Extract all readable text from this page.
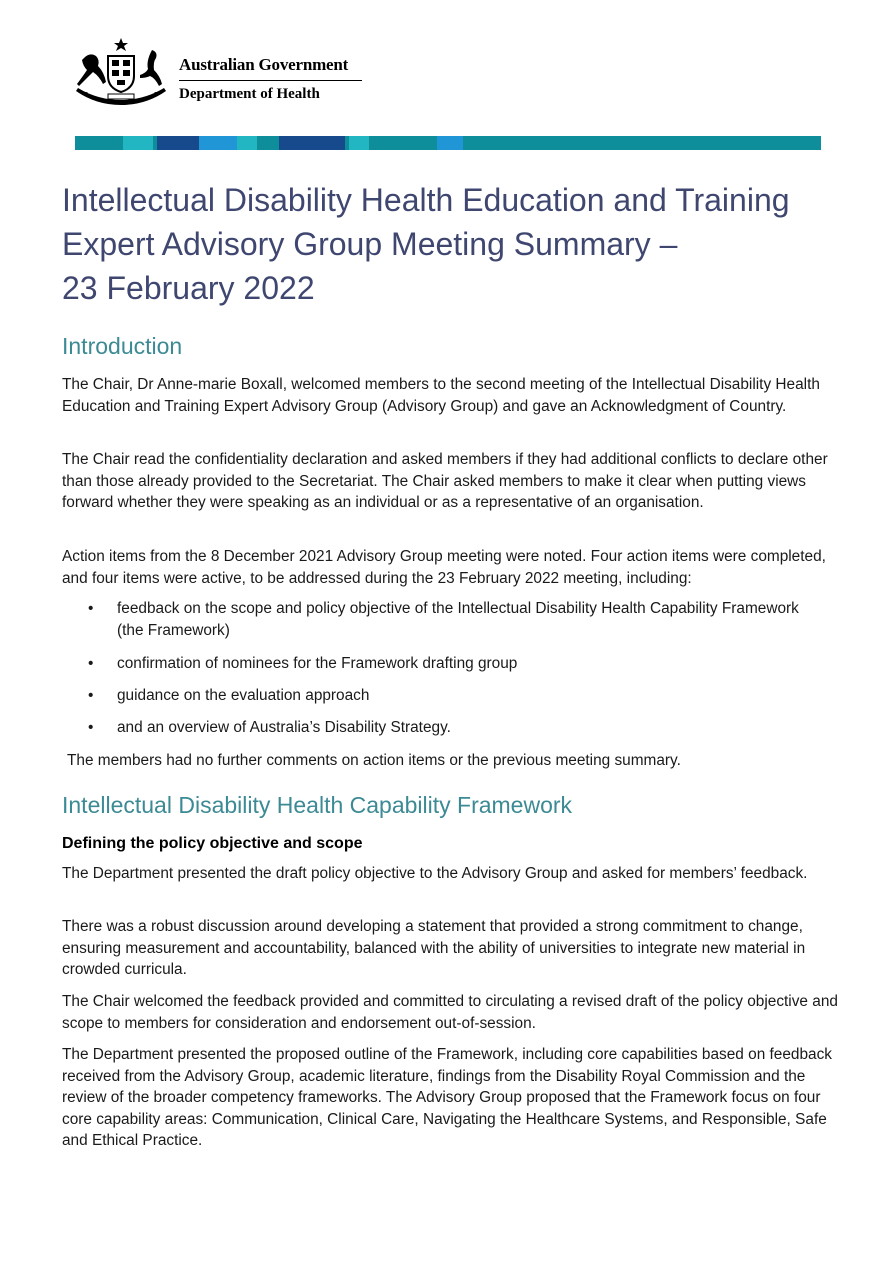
Australian Government
Department of Health
Intellectual Disability Health Education and Training
Expert Advisory Group Meeting Summary –
23 February 2022
Introduction

The Chair, Dr Anne-marie Boxall, welcomed members to the second meeting of the Intellectual Disability Health Education and Training Expert Advisory Group (Advisory Group) and gave an Acknowledgment of Country.

The Chair read the confidentiality declaration and asked members if they had additional conflicts to declare other than those already provided to the Secretariat. The Chair asked members to make it clear when putting views forward whether they were speaking as an individual or as a representative of an organisation.

Action items from the 8 December 2021 Advisory Group meeting were noted. Four action items were completed, and four items were active, to be addressed during the 23 February 2022 meeting, including:

• feedback on the scope and policy objective of the Intellectual Disability Health Capability Framework (the Framework)
• confirmation of nominees for the Framework drafting group
• guidance on the evaluation approach
• and an overview of Australia’s Disability Strategy.

The members had no further comments on action items or the previous meeting summary.

Intellectual Disability Health Capability Framework
Defining the policy objective and scope

The Department presented the draft policy objective to the Advisory Group and asked for members’ feedback.

There was a robust discussion around developing a statement that provided a strong commitment to change, ensuring measurement and accountability, balanced with the ability of universities to integrate new material in crowded curricula.

The Chair welcomed the feedback provided and committed to circulating a revised draft of the policy objective and scope to members for consideration and endorsement out-of-session.

The Department presented the proposed outline of the Framework, including core capabilities based on feedback received from the Advisory Group, academic literature, findings from the Disability Royal Commission and the review of the broader competency frameworks. The Advisory Group proposed that the Framework focus on four core capability areas: Communication, Clinical Care, Navigating the Healthcare Systems, and Responsible, Safe and Ethical Practice.
